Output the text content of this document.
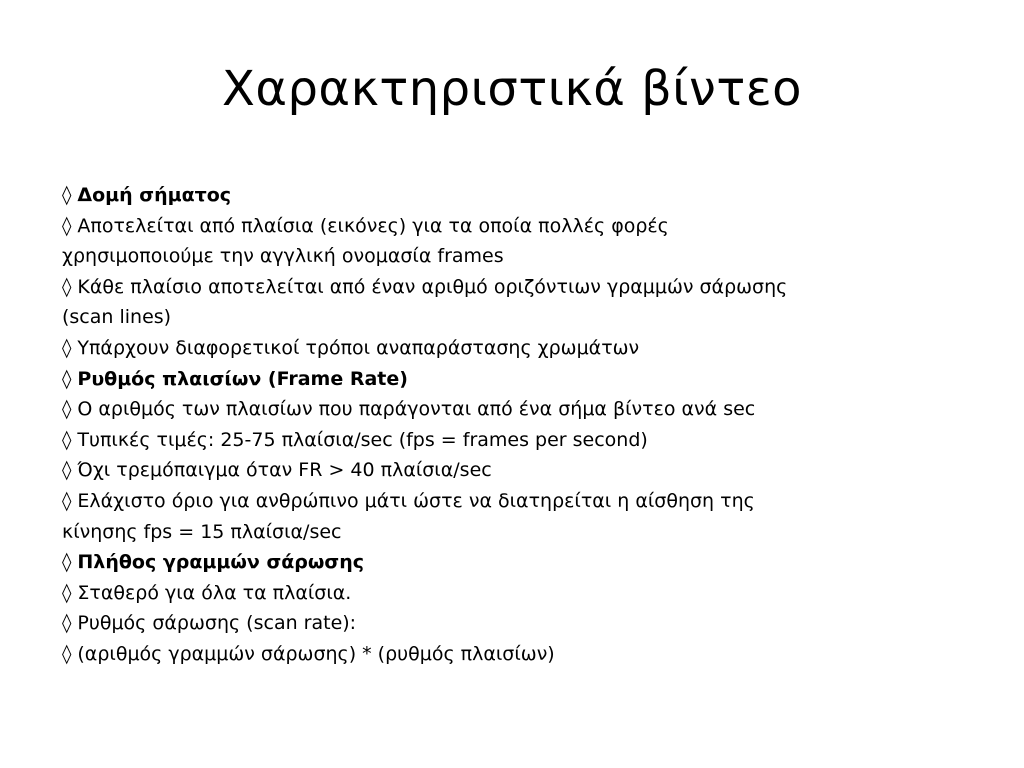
Χαρακτηριστικά βίντεο

◊ Δομή σήματος

◊ Αποτελείται από πλαίσια (εικόνες) για τα οποία πολλές φορές

χρησιμοποιούμε την αγγλική ονομασία frames

◊ Κάθε πλαίσιο αποτελείται από έναν αριθμό οριζόντιων γραμμών σάρωσης

(scan lines)

◊ Υπάρχουν διαφορετικοί τρόποι αναπαράστασης χρωμάτων

◊ Ρυθμός πλαισίων (Frame Rate)

◊ Ο αριθμός των πλαισίων που παράγονται από ένα σήμα βίντεο ανά sec

◊ Τυπικές τιμές: 25-75 πλαίσια/sec (fps = frames per second)

◊ Όχι τρεμόπαιγμα όταν FR > 40 πλαίσια/sec

◊ Ελάχιστο όριο για ανθρώπινο μάτι ώστε να διατηρείται η αίσθηση της

κίνησης fps = 15 πλαίσια/sec

◊ Πλήθος γραμμών σάρωσης

◊ Σταθερό για όλα τα πλαίσια.

◊ Ρυθμός σάρωσης (scan rate):

◊ (αριθμός γραμμών σάρωσης) * (ρυθμός πλαισίων)
